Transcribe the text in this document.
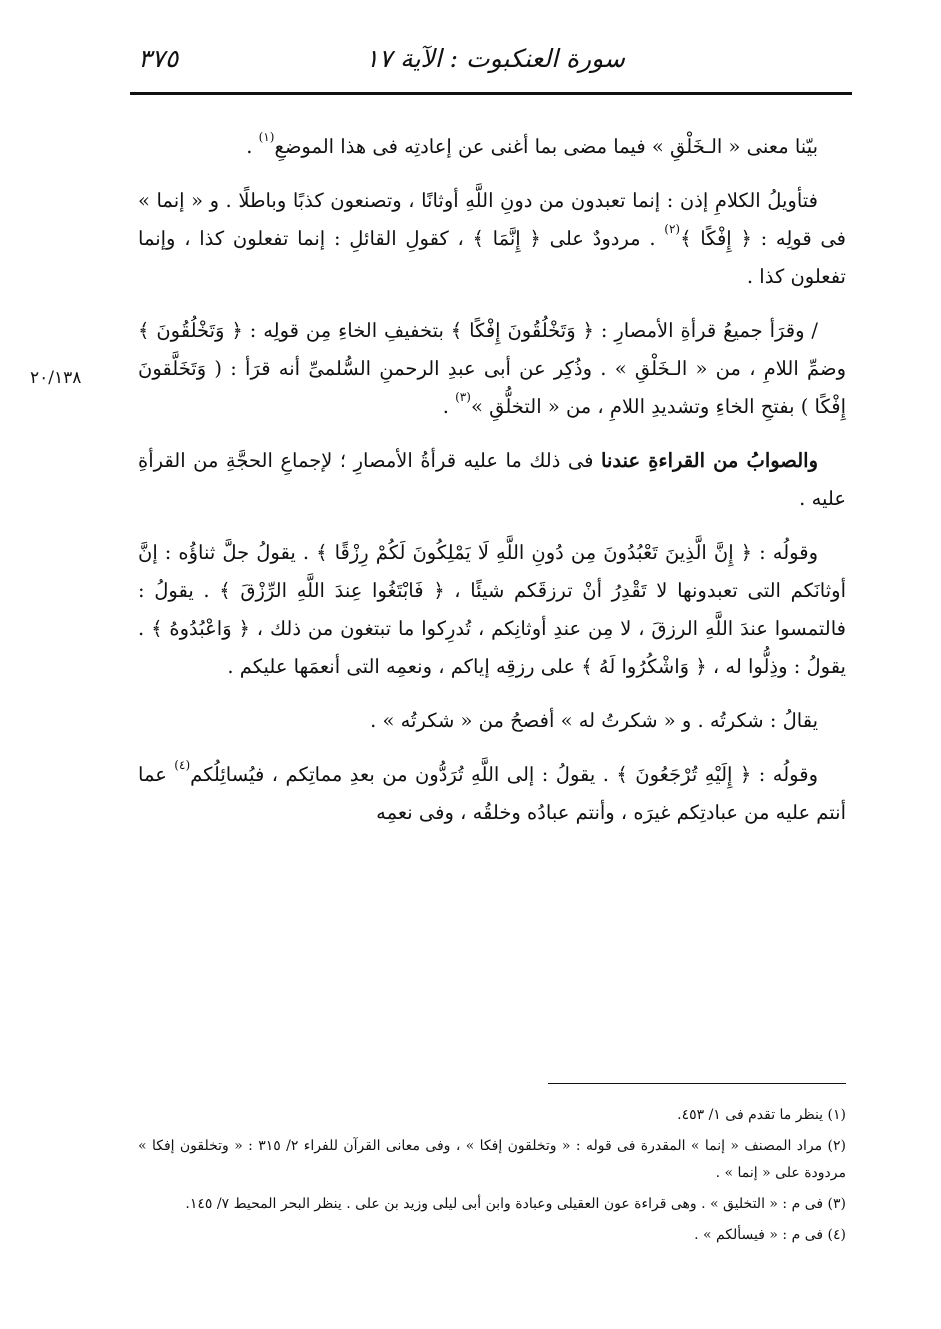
سورة العنكبوت : الآية ١٧
٣٧٥
٢٠/١٣٨

بيّنا معنى « الـخَلْقِ » فيما مضى بما أغنى عن إعادتِه فى هذا الموضعِ$^{(١)}$ .

فتأويلُ الكلامِ إذن : إنما تعبدون من دونِ اللَّهِ أوثانًا ، وتصنعون كذبًا وباطلًا . و « إنما » فى قولِه : ﴿ إِفْكًا ﴾$^{(٢)}$ . مردودٌ على ﴿ إِنَّمَا ﴾ ، كقولِ القائلِ : إنما تفعلون كذا ، وإنما تفعلون كذا .

/ وقرَأ جميعُ قرأةِ الأمصارِ : ﴿ وَتَخْلُقُونَ إِفْكًا ﴾ بتخفيفِ الخاءِ مِن قولِه : ﴿ وَتَخْلُقُونَ ﴾ وضمِّ اللامِ ، من « الـخَلْقِ » . وذُكِر عن أبى عبدِ الرحمنِ السُّلمىِّ أنه قرَأ : ( وَتَخَلَّقونَ إِفْكًا ) بفتحِ الخاءِ وتشديدِ اللامِ ، من « التخلُّقِ »$^{(٣)}$ .

والصوابُ من القراءةِ عندنا فى ذلك ما عليه قرأةُ الأمصارِ ؛ لإجماعِ الحجَّةِ من القرأةِ عليه .

وقولُه : ﴿ إِنَّ الَّذِينَ تَعْبُدُونَ مِن دُونِ اللَّهِ لَا يَمْلِكُونَ لَكُمْ رِزْقًا ﴾ . يقولُ جلَّ ثناؤُه : إنَّ أوثانَكم التى تعبدونها لا تَقْدِرُ أنْ ترزقَكم شيئًا ، ﴿ فَابْتَغُوا عِندَ اللَّهِ الرِّزْقَ ﴾ . يقولُ : فالتمسوا عندَ اللَّهِ الرزقَ ، لا مِن عندِ أوثانِكم ، تُدرِكوا ما تبتغون من ذلك ، ﴿ وَاعْبُدُوهُ ﴾ . يقولُ : وذِلُّوا له ، ﴿ وَاشْكُرُوا لَهُ ﴾ على رزقِه إياكم ، ونعمِه التى أنعمَها عليكم .

يقالُ : شكرتُه . و « شكرتُ له » أفصحُ من « شكرتُه » .

وقولُه : ﴿ إِلَيْهِ تُرْجَعُونَ ﴾ . يقولُ : إلى اللَّهِ تُرَدُّون من بعدِ مماتِكم ، فيُسائِلُكم$^{(٤)}$ عما أنتم عليه من عبادتِكم غيرَه ، وأنتم عبادُه وخلقُه ، وفى نعمِه

(١) ينظر ما تقدم فى ١/ ٤٥٣.

(٢) مراد المصنف « إنما » المقدرة فى قوله : « وتخلقون إفكا » ، وفى معانى القرآن للفراء ٢/ ٣١٥ : « وتخلقون إفكا » مردودة على « إنما » .

(٣) فى م : « التخليق » . وهى قراءة عون العقيلى وعبادة وابن أبى ليلى وزيد بن على . ينظر البحر المحيط ٧/ ١٤٥.

(٤) فى م : « فيسألكم » .
